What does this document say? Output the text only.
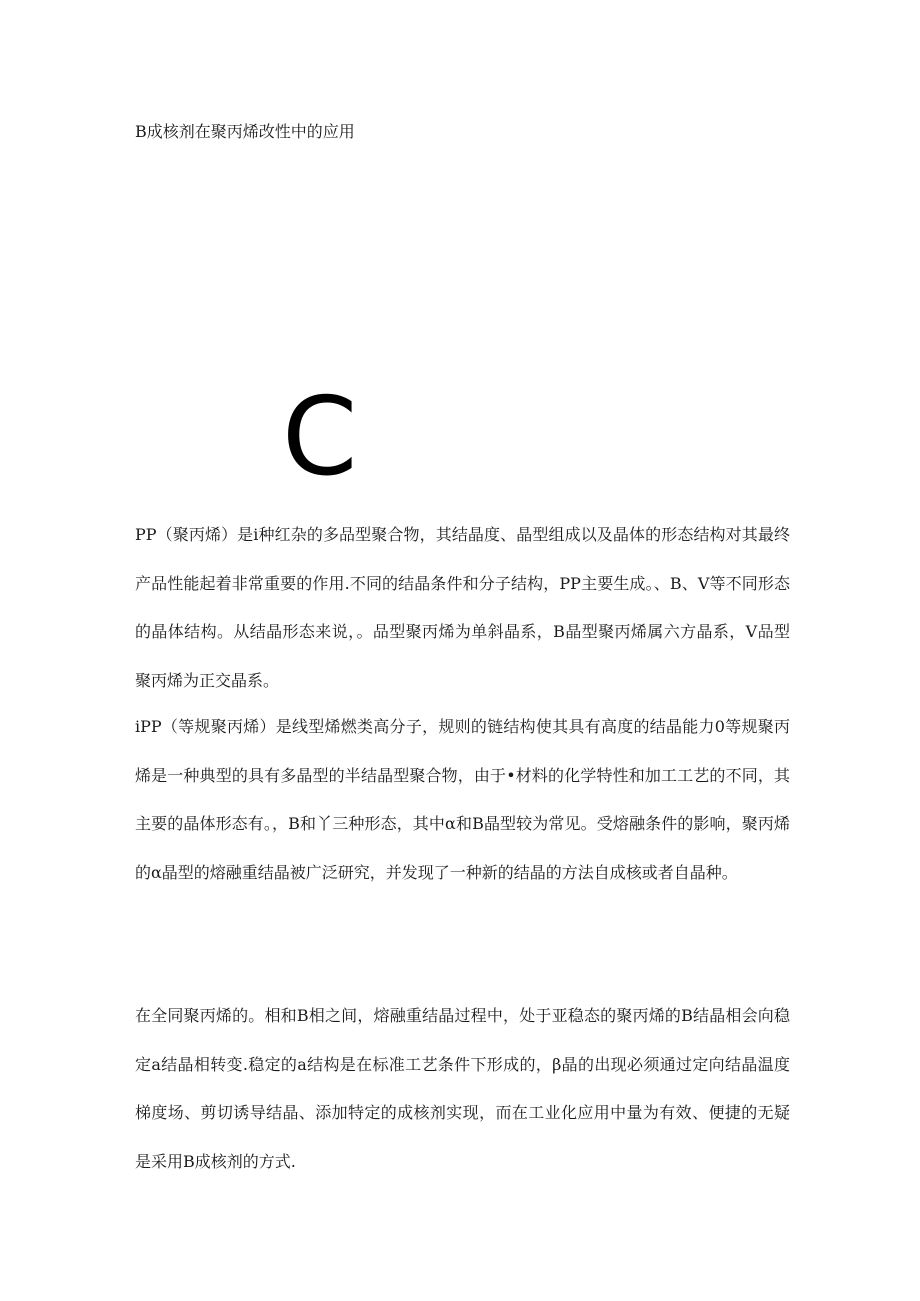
B成核剂在聚丙烯改性中的应用
C

PP（聚丙烯）是i种红杂的多品型聚合物，其结晶度、晶型组成以及晶体的形态结构对其最终产品性能起着非常重要的作用.不同的结晶条件和分子结构，PP主要生成。、B、V等不同形态的晶体结构。从结晶形态来说，。品型聚丙烯为单斜晶系，B晶型聚丙烯属六方晶系，V品型聚丙烯为正交晶系。

iPP（等规聚丙烯）是线型烯燃类高分子，规则的链结构使其具有高度的结晶能力0等规聚丙烯是一种典型的具有多晶型的半结晶型聚合物，由于•材料的化学特性和加工工艺的不同，其主要的晶体形态有。，B和丫三种形态，其中α和B晶型较为常见。受熔融条件的影响，聚丙烯的α晶型的熔融重结晶被广泛研究，并发现了一种新的结晶的方法自成核或者自晶种。

在全同聚丙烯的。相和B相之间，熔融重结晶过程中，处于亚稳态的聚丙烯的B结晶相会向稳定a结晶相转变.稳定的a结构是在标准工艺条件下形成的，β晶的出现必须通过定向结晶温度梯度场、剪切诱导结晶、添加特定的成核剂实现，而在工业化应用中量为有效、便捷的无疑是采用B成核剂的方式.
